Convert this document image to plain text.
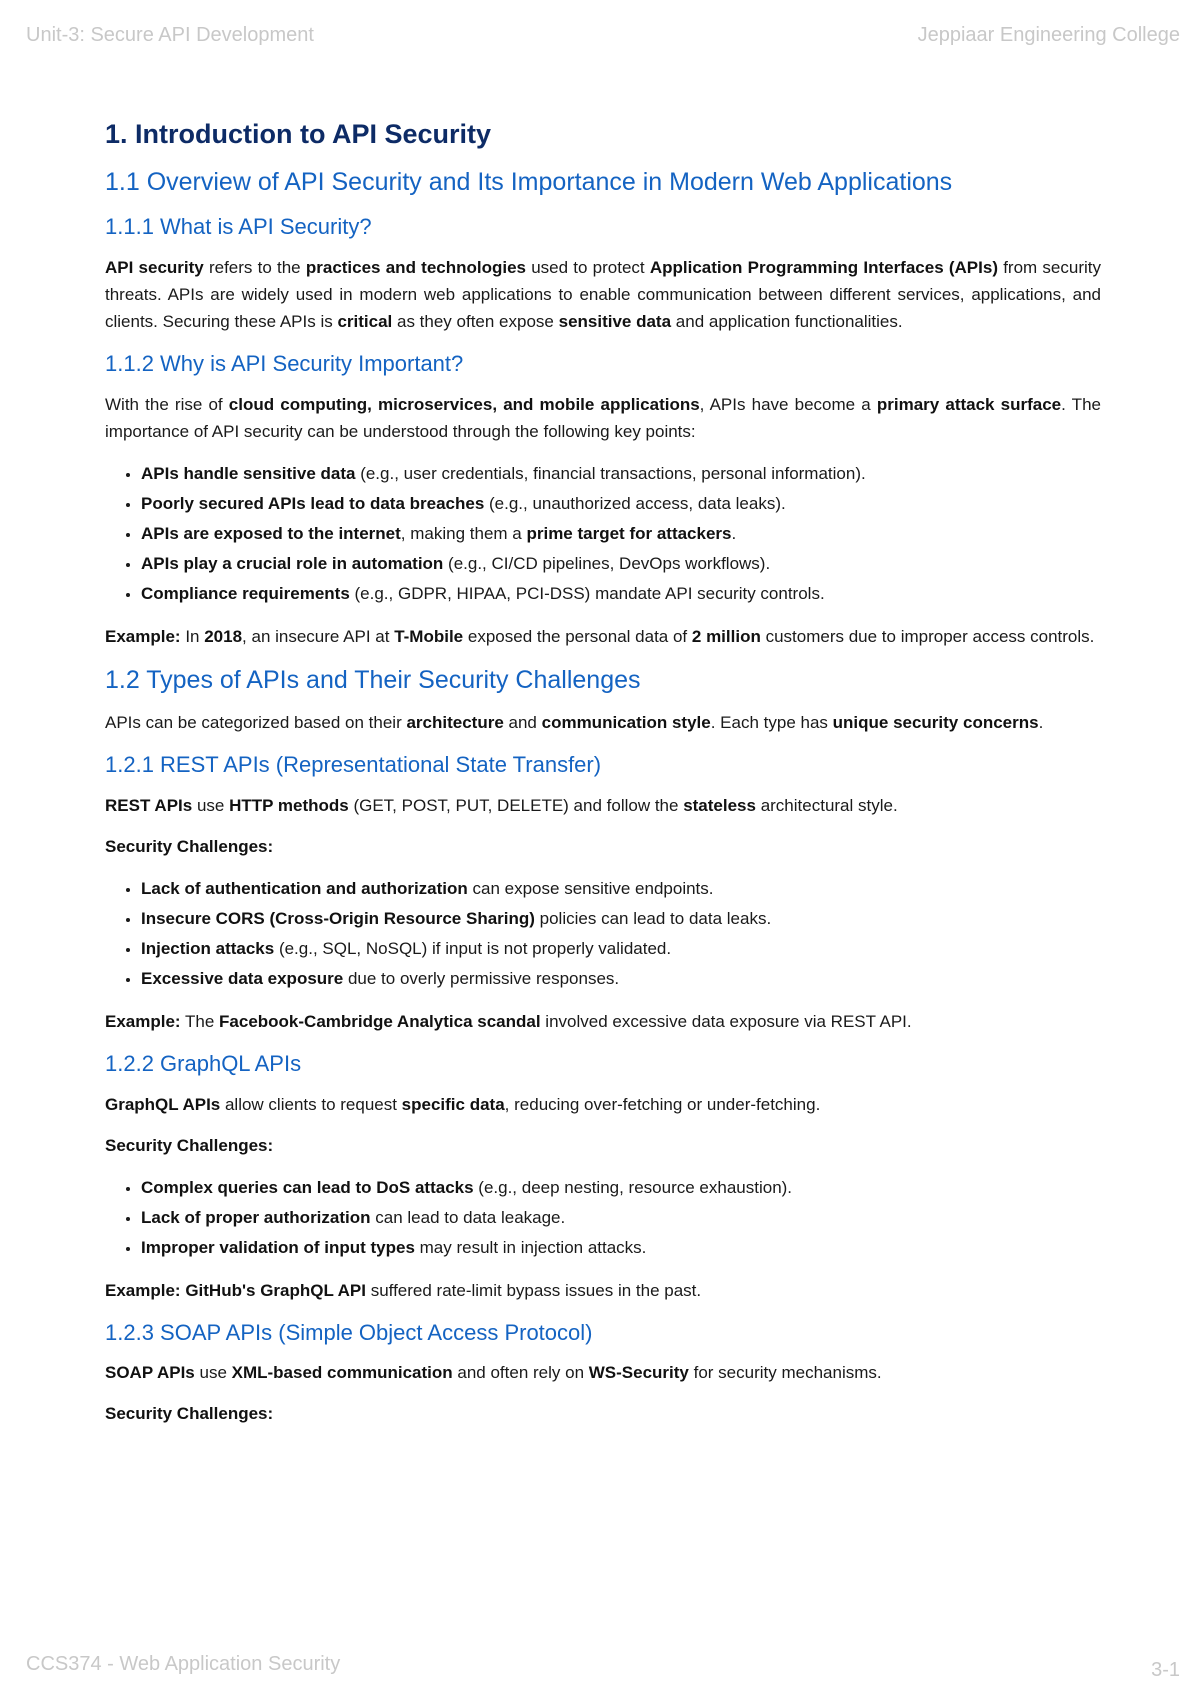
Unit-3: Secure API Development	Jeppiaar Engineering College
1. Introduction to API Security
1.1 Overview of API Security and Its Importance in Modern Web Applications
1.1.1 What is API Security?

API security refers to the practices and technologies used to protect Application Programming Interfaces (APIs) from security threats. APIs are widely used in modern web applications to enable communication between different services, applications, and clients. Securing these APIs is critical as they often expose sensitive data and application functionalities.

1.1.2 Why is API Security Important?

With the rise of cloud computing, microservices, and mobile applications, APIs have become a primary attack surface. The importance of API security can be understood through the following key points:

• APIs handle sensitive data (e.g., user credentials, financial transactions, personal information).
• Poorly secured APIs lead to data breaches (e.g., unauthorized access, data leaks).
• APIs are exposed to the internet, making them a prime target for attackers.
• APIs play a crucial role in automation (e.g., CI/CD pipelines, DevOps workflows).
• Compliance requirements (e.g., GDPR, HIPAA, PCI-DSS) mandate API security controls.

Example: In 2018, an insecure API at T-Mobile exposed the personal data of 2 million customers due to improper access controls.

1.2 Types of APIs and Their Security Challenges

APIs can be categorized based on their architecture and communication style. Each type has unique security concerns.

1.2.1 REST APIs (Representational State Transfer)

REST APIs use HTTP methods (GET, POST, PUT, DELETE) and follow the stateless architectural style.

Security Challenges:

• Lack of authentication and authorization can expose sensitive endpoints.
• Insecure CORS (Cross-Origin Resource Sharing) policies can lead to data leaks.
• Injection attacks (e.g., SQL, NoSQL) if input is not properly validated.
• Excessive data exposure due to overly permissive responses.

Example: The Facebook-Cambridge Analytica scandal involved excessive data exposure via REST API.

1.2.2 GraphQL APIs

GraphQL APIs allow clients to request specific data, reducing over-fetching or under-fetching.

Security Challenges:

• Complex queries can lead to DoS attacks (e.g., deep nesting, resource exhaustion).
• Lack of proper authorization can lead to data leakage.
• Improper validation of input types may result in injection attacks.

Example: GitHub's GraphQL API suffered rate-limit bypass issues in the past.

1.2.3 SOAP APIs (Simple Object Access Protocol)

SOAP APIs use XML-based communication and often rely on WS-Security for security mechanisms.

Security Challenges:

CCS374 - Web Application Security	3-1
